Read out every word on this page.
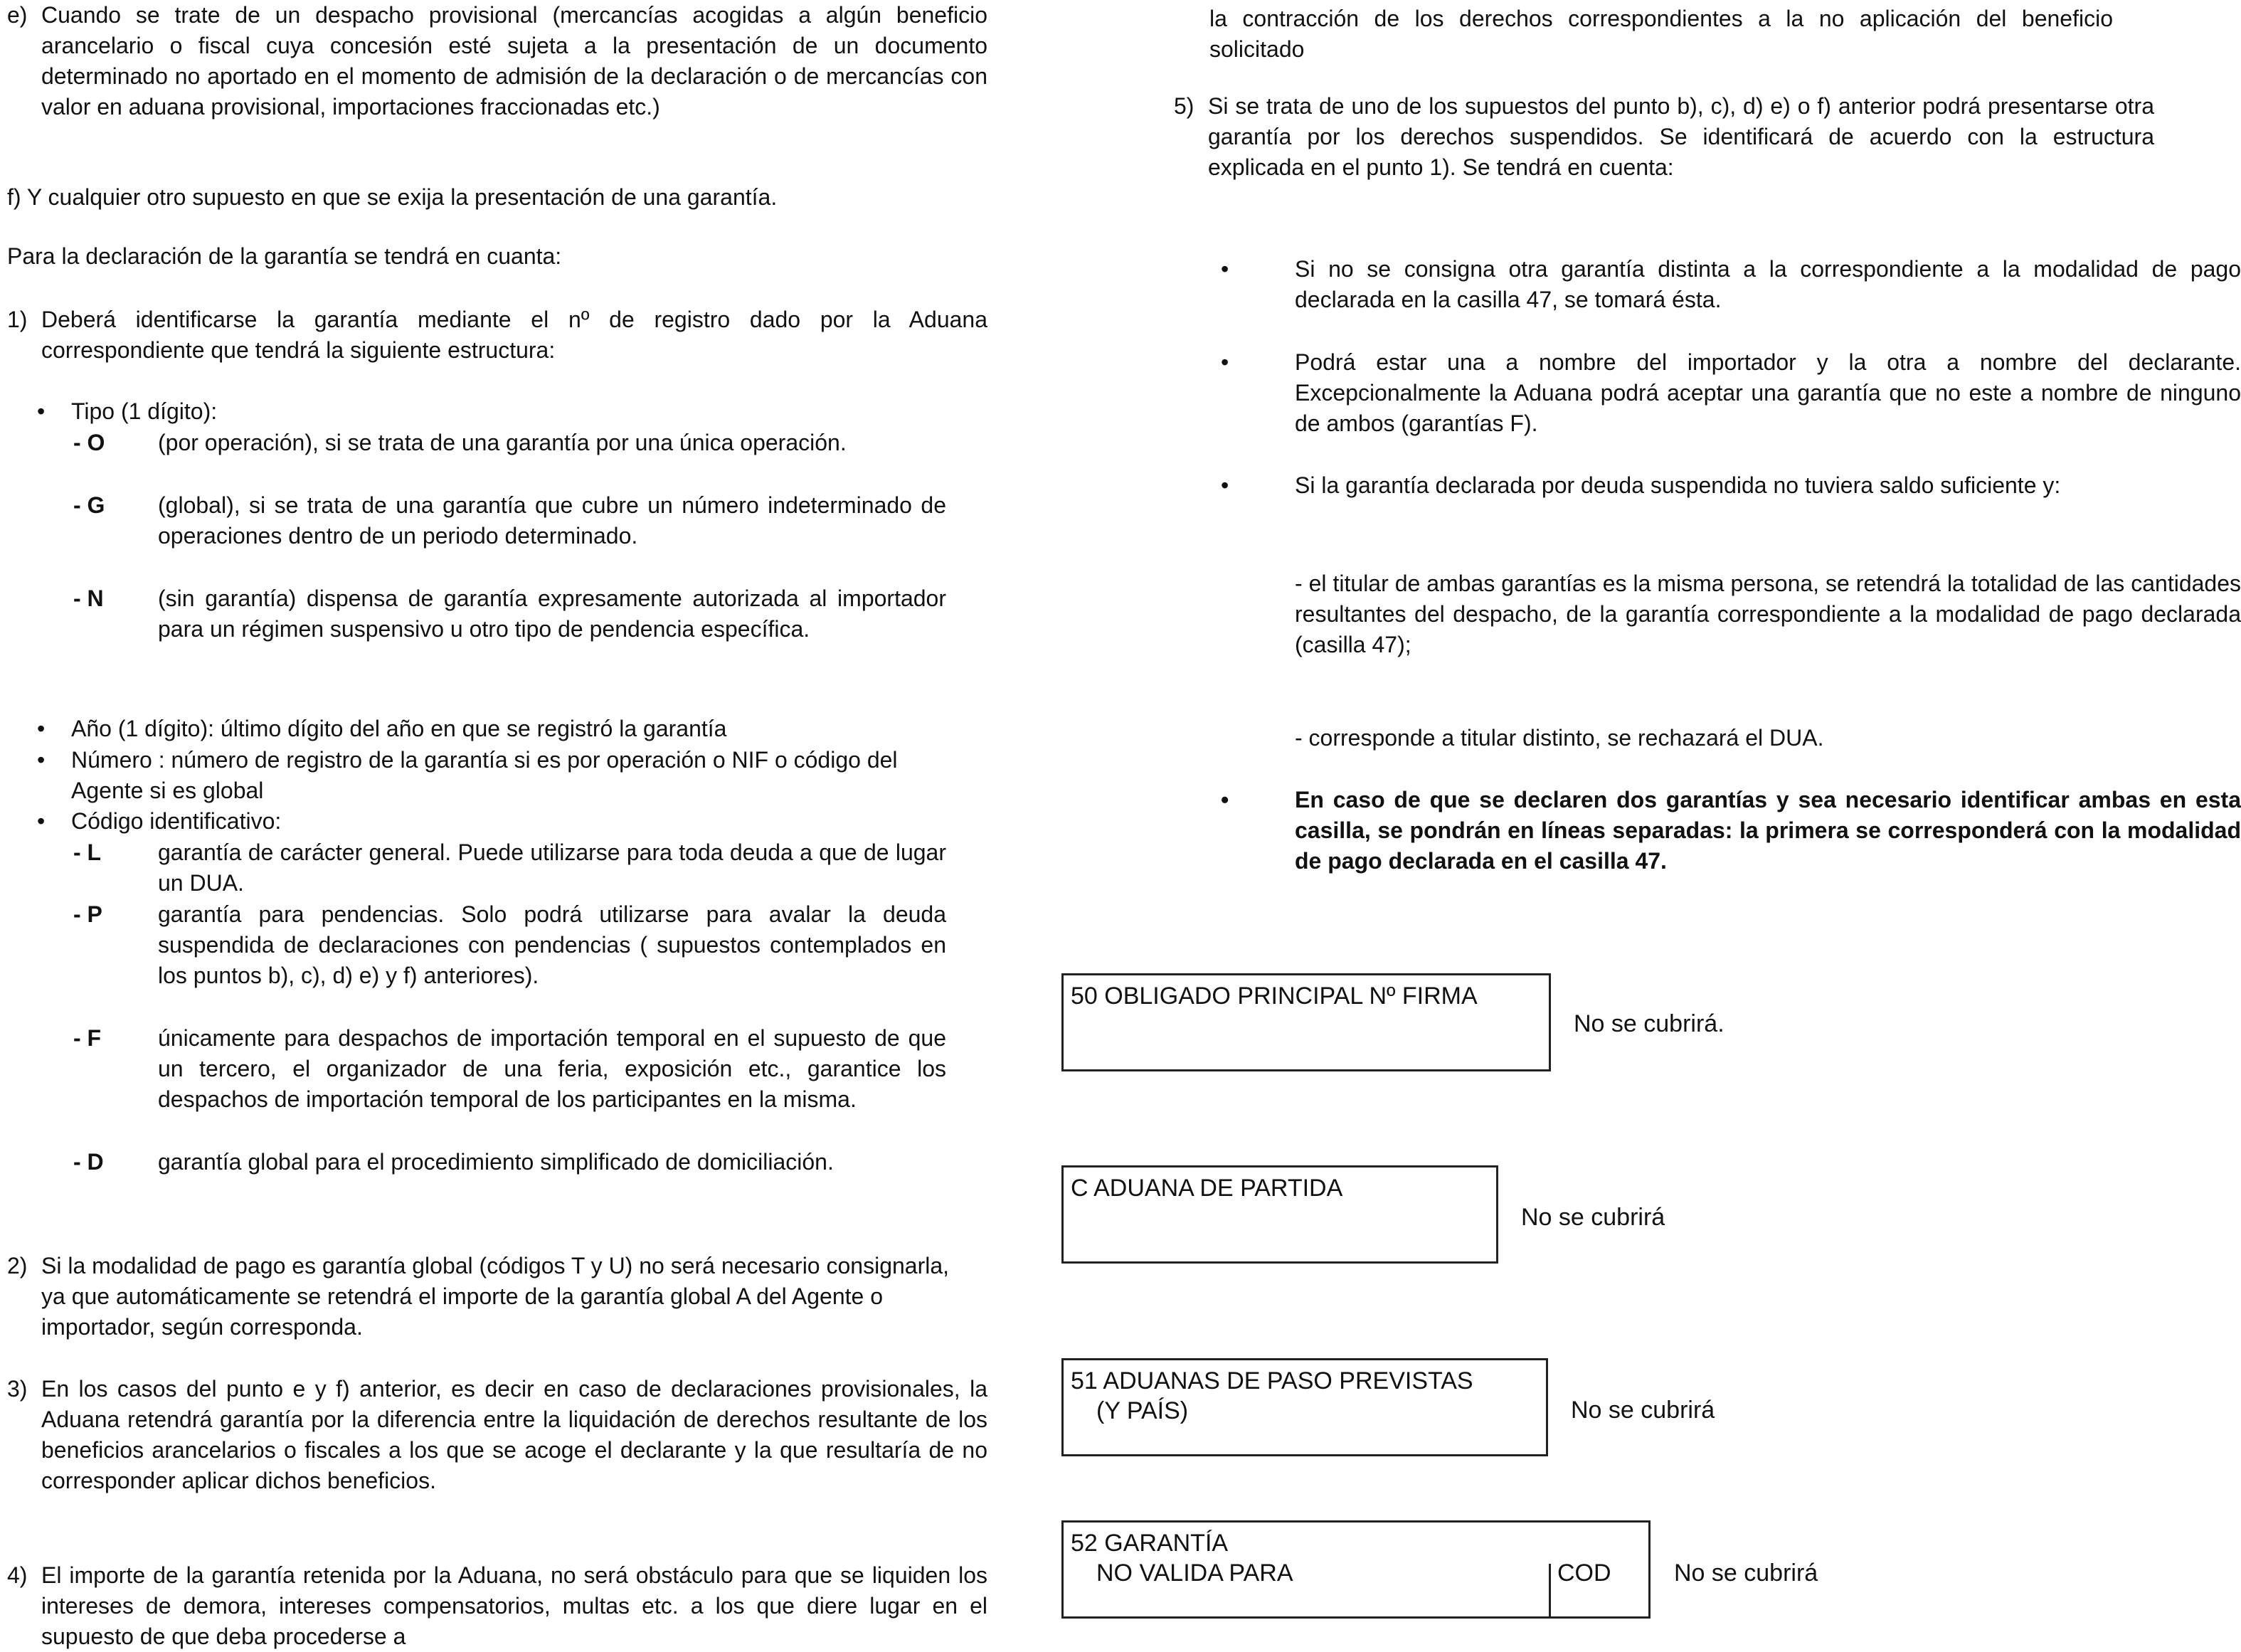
e) Cuando se trate de un despacho provisional (mercancías acogidas a algún beneficio arancelario o fiscal cuya concesión esté sujeta a la presentación de un documento determinado no aportado en el momento de admisión de la declaración o de mercancías con valor en aduana provisional, importaciones fraccionadas etc.)

f) Y cualquier otro supuesto en que se exija la presentación de una garantía.

Para la declaración de la garantía se tendrá en cuanta:

1) Deberá identificarse la garantía mediante el nº de registro dado por la Aduana correspondiente que tendrá la siguiente estructura:

• Tipo (1 dígito):

- O (por operación), si se trata de una garantía por una única operación.

- G (global), si se trata de una garantía que cubre un número indeterminado de operaciones dentro de un periodo determinado.

- N (sin garantía) dispensa de garantía expresamente autorizada al importador para un régimen suspensivo u otro tipo de pendencia específica.

• Año (1 dígito): último dígito del año en que se registró la garantía

• Número : número de registro de la garantía si es por operación o NIF o código del Agente si es global

• Código identificativo:

- L garantía de carácter general. Puede utilizarse para toda deuda a que de lugar un DUA.

- P garantía para pendencias. Solo podrá utilizarse para avalar la deuda suspendida de declaraciones con pendencias ( supuestos contemplados en los puntos b), c), d) e) y f) anteriores).

- F únicamente para despachos de importación temporal en el supuesto de que un tercero, el organizador de una feria, exposición etc., garantice los despachos de importación temporal de los participantes en la misma.

- D garantía global para el procedimiento simplificado de domiciliación.

2) Si la modalidad de pago es garantía global (códigos T y U) no será necesario consignarla, ya que automáticamente se retendrá el importe de la garantía global A del Agente o importador, según corresponda.

3) En los casos del punto e y f) anterior, es decir en caso de declaraciones provisionales, la Aduana retendrá garantía por la diferencia entre la liquidación de derechos resultante de los beneficios arancelarios o fiscales a los que se acoge el declarante y la que resultaría de no corresponder aplicar dichos beneficios.

4) El importe de la garantía retenida por la Aduana, no será obstáculo para que se liquiden los intereses de demora, intereses compensatorios, multas etc. a los que diere lugar en el supuesto de que deba procederse a

la contracción de los derechos correspondientes a la no aplicación del beneficio solicitado

5) Si se trata de uno de los supuestos del punto b), c), d) e) o f) anterior podrá presentarse otra garantía por los derechos suspendidos. Se identificará de acuerdo con la estructura explicada en el punto 1). Se tendrá en cuenta:

•	Si no se consigna otra garantía distinta a la correspondiente a la modalidad de pago declarada en la casilla 47, se tomará ésta.

•	Podrá estar una a nombre del importador y la otra a nombre del declarante. Excepcionalmente la Aduana podrá aceptar una garantía que no este a nombre de ninguno de ambos (garantías F).

•	Si la garantía declarada por deuda suspendida no tuviera saldo suficiente y:

- el titular de ambas garantías es la misma persona, se retendrá la totalidad de las cantidades resultantes del despacho, de la garantía correspondiente a la modalidad de pago declarada (casilla 47);

- corresponde a titular distinto, se rechazará el DUA.

•	En caso de que se declaren dos garantías y sea necesario identificar ambas en esta casilla, se pondrán en líneas separadas: la primera se corresponderá con la modalidad de pago declarada en el casilla 47.

50 OBLIGADO PRINCIPAL Nº FIRMA
No se cubrirá.
C ADUANA DE PARTIDA
No se cubrirá
51 ADUANAS DE PASO PREVISTAS
(Y PAÍS)	No se cubrirá
52 GARANTÍA
NO VALIDA PARA	COD	No se cubrirá
